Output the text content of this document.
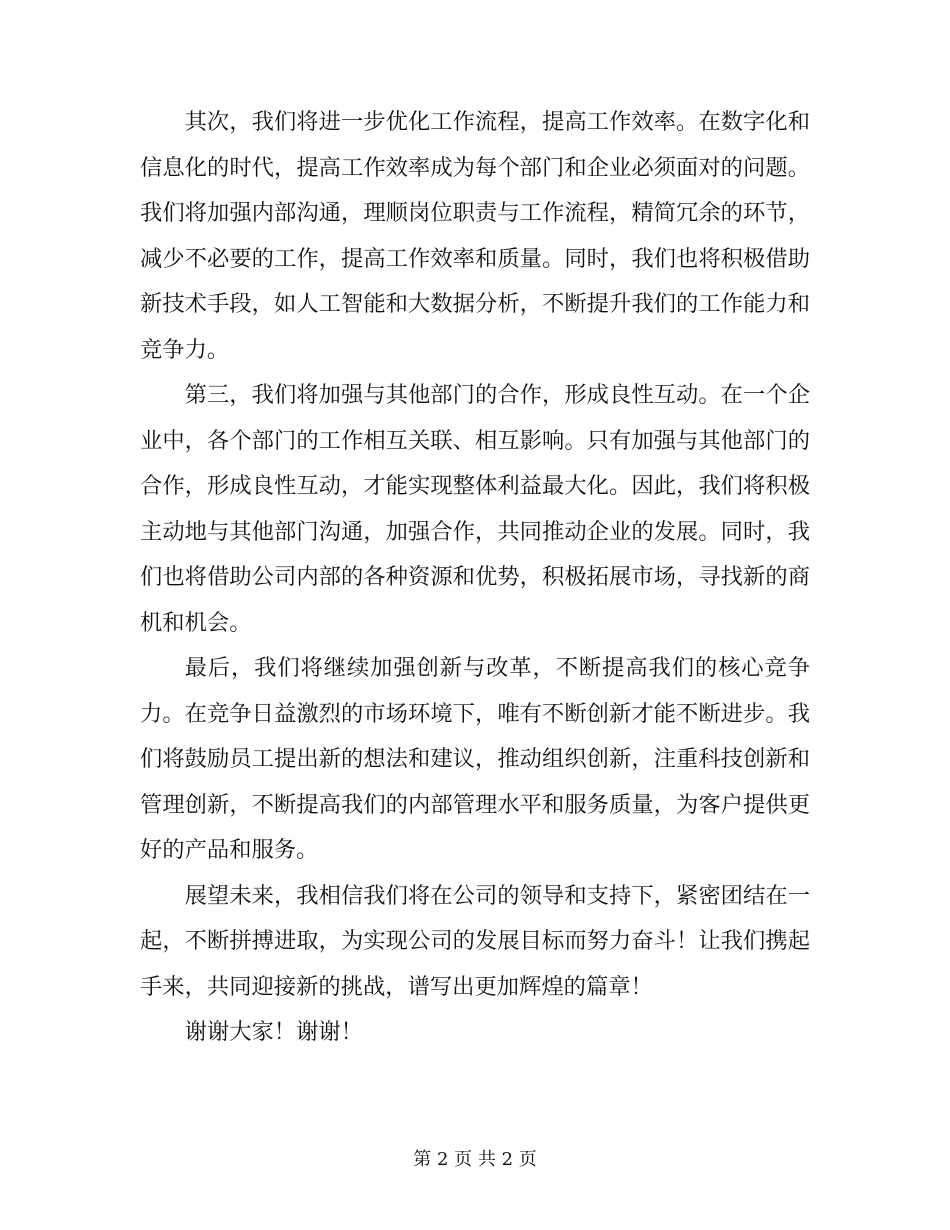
其次，我们将进一步优化工作流程，提高工作效率。在数字化和信息化的时代，提高工作效率成为每个部门和企业必须面对的问题。我们将加强内部沟通，理顺岗位职责与工作流程，精简冗余的环节，减少不必要的工作，提高工作效率和质量。同时，我们也将积极借助新技术手段，如人工智能和大数据分析，不断提升我们的工作能力和竞争力。

第三，我们将加强与其他部门的合作，形成良性互动。在一个企业中，各个部门的工作相互关联、相互影响。只有加强与其他部门的合作，形成良性互动，才能实现整体利益最大化。因此，我们将积极主动地与其他部门沟通，加强合作，共同推动企业的发展。同时，我们也将借助公司内部的各种资源和优势，积极拓展市场，寻找新的商机和机会。

最后，我们将继续加强创新与改革，不断提高我们的核心竞争力。在竞争日益激烈的市场环境下，唯有不断创新才能不断进步。我们将鼓励员工提出新的想法和建议，推动组织创新，注重科技创新和管理创新，不断提高我们的内部管理水平和服务质量，为客户提供更好的产品和服务。

展望未来，我相信我们将在公司的领导和支持下，紧密团结在一起，不断拼搏进取，为实现公司的发展目标而努力奋斗！让我们携起手来，共同迎接新的挑战，谱写出更加辉煌的篇章！

谢谢大家！谢谢！

第 2 页 共 2 页
